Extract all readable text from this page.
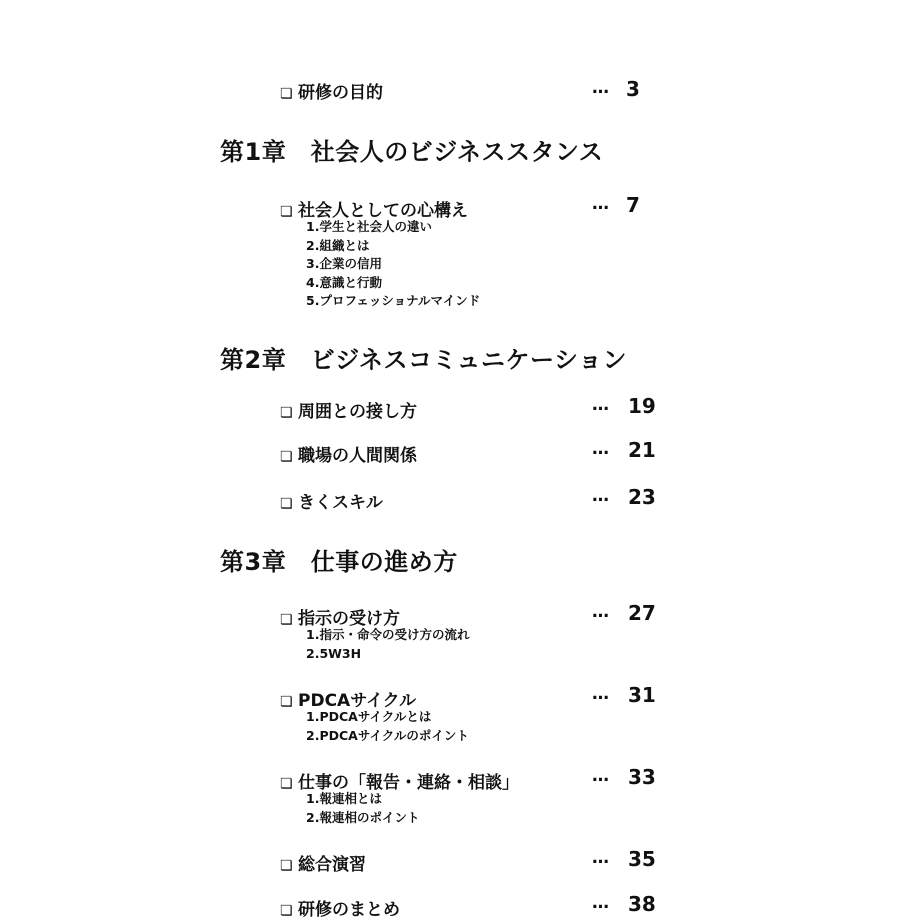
❏ 研修の目的	… 3
第1章　社会人のビジネススタンス
❏ 社会人としての心構え	… 7
1.学生と社会人の違い
2.組織とは
3.企業の信用
4.意識と行動
5.プロフェッショナルマインド
第2章　ビジネスコミュニケーション
❏ 周囲との接し方	… 19
❏ 職場の人間関係	… 21
❏ きくスキル	… 23
第3章　仕事の進め方
❏ 指示の受け方	… 27
1.指示・命令の受け方の流れ
2.5W3H
❏ PDCAサイクル	… 31
1.PDCAサイクルとは
2.PDCAサイクルのポイント
❏ 仕事の「報告・連絡・相談」	… 33
1.報連相とは
2.報連相のポイント
❏ 総合演習	… 35
❏ 研修のまとめ	… 38
